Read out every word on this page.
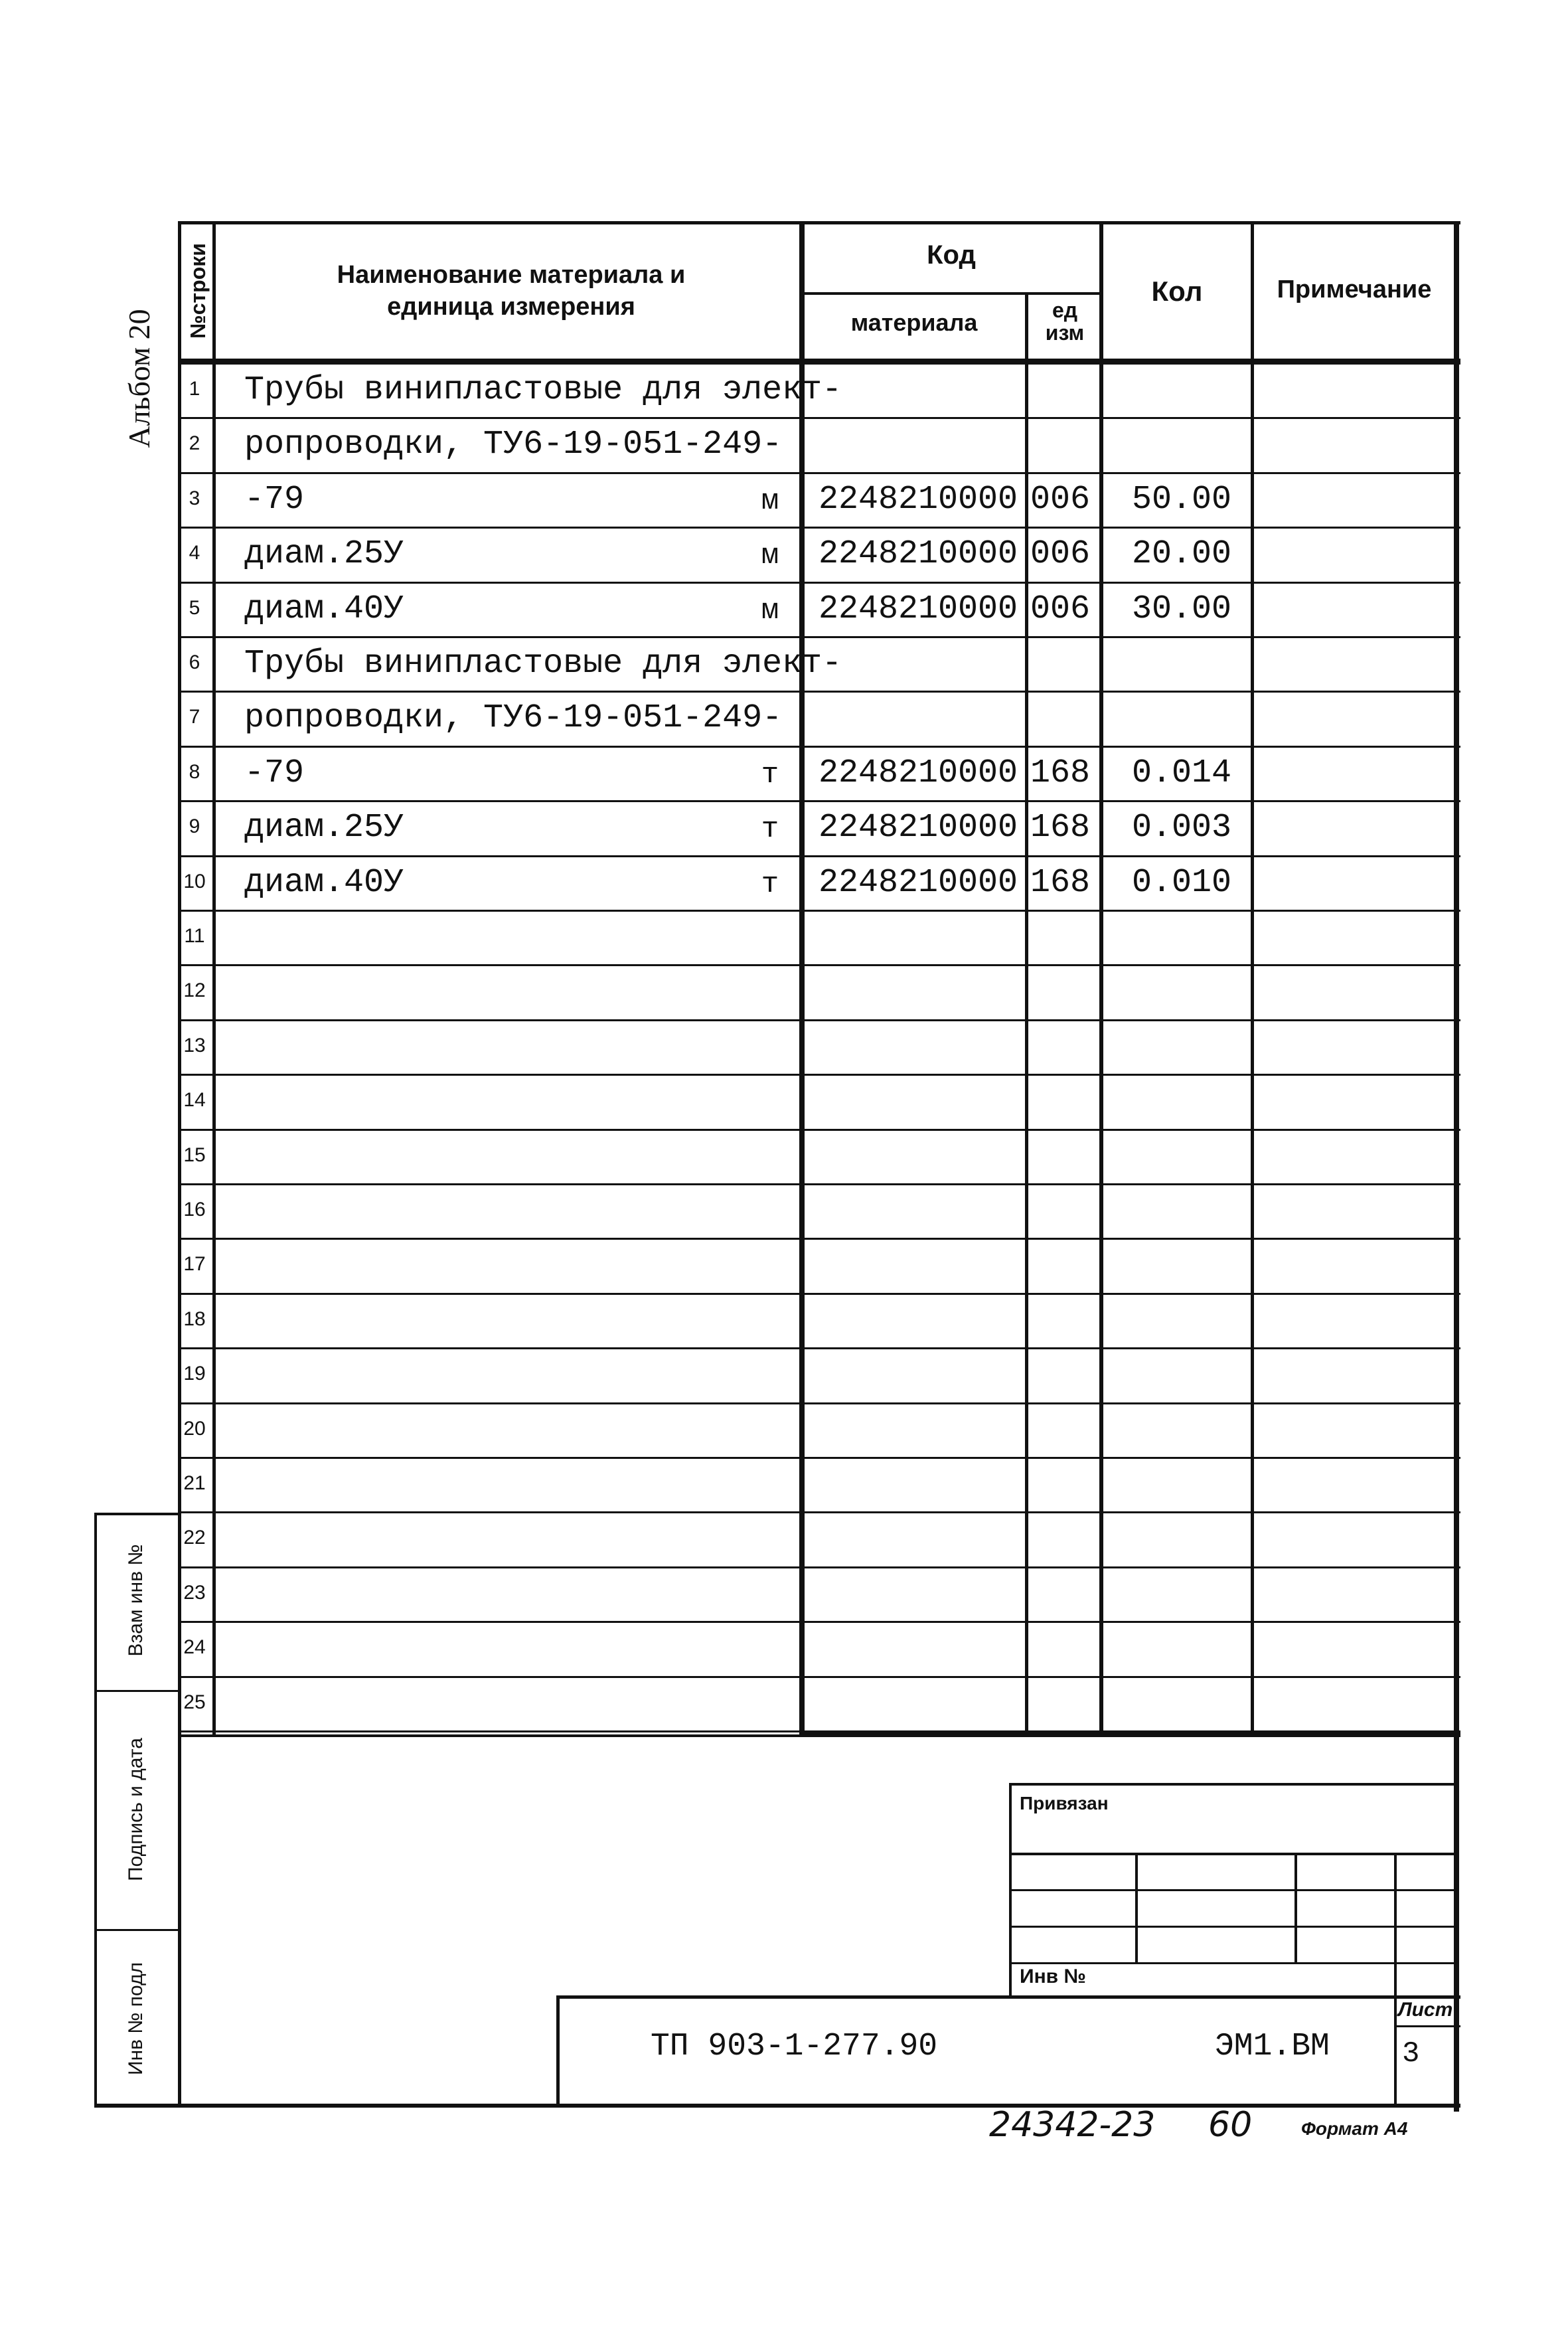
Альбом 20
Взам инв №
Подпись и дата
Инв № подл
№строки	Наименование материала и единица измерения
Код
материала	ед изм
Кол	Примечание
1	Трубы винипластовые для элект-
2	ропроводки, ТУ6-19-051-249-
3	-79	м	2248210000 006	50.00
4	диам.25У	м	2248210000 006	20.00
5	диам.40У	м	2248210000 006	30.00
6	Трубы винипластовые для элект-
7	ропроводки, ТУ6-19-051-249-
8	-79	т	2248210000 168	0.014
9	диам.25У	т	2248210000 168	0.003
10 диам.40У	т	2248210000 168	0.010
11
12
13
14
15
16
17
18
19
20
21
22
23
24
25
Привязан
Инв №
ТП 903-1-277.90	ЭМ1.ВМ
Лист
3
24342-23 60	Формат А4
